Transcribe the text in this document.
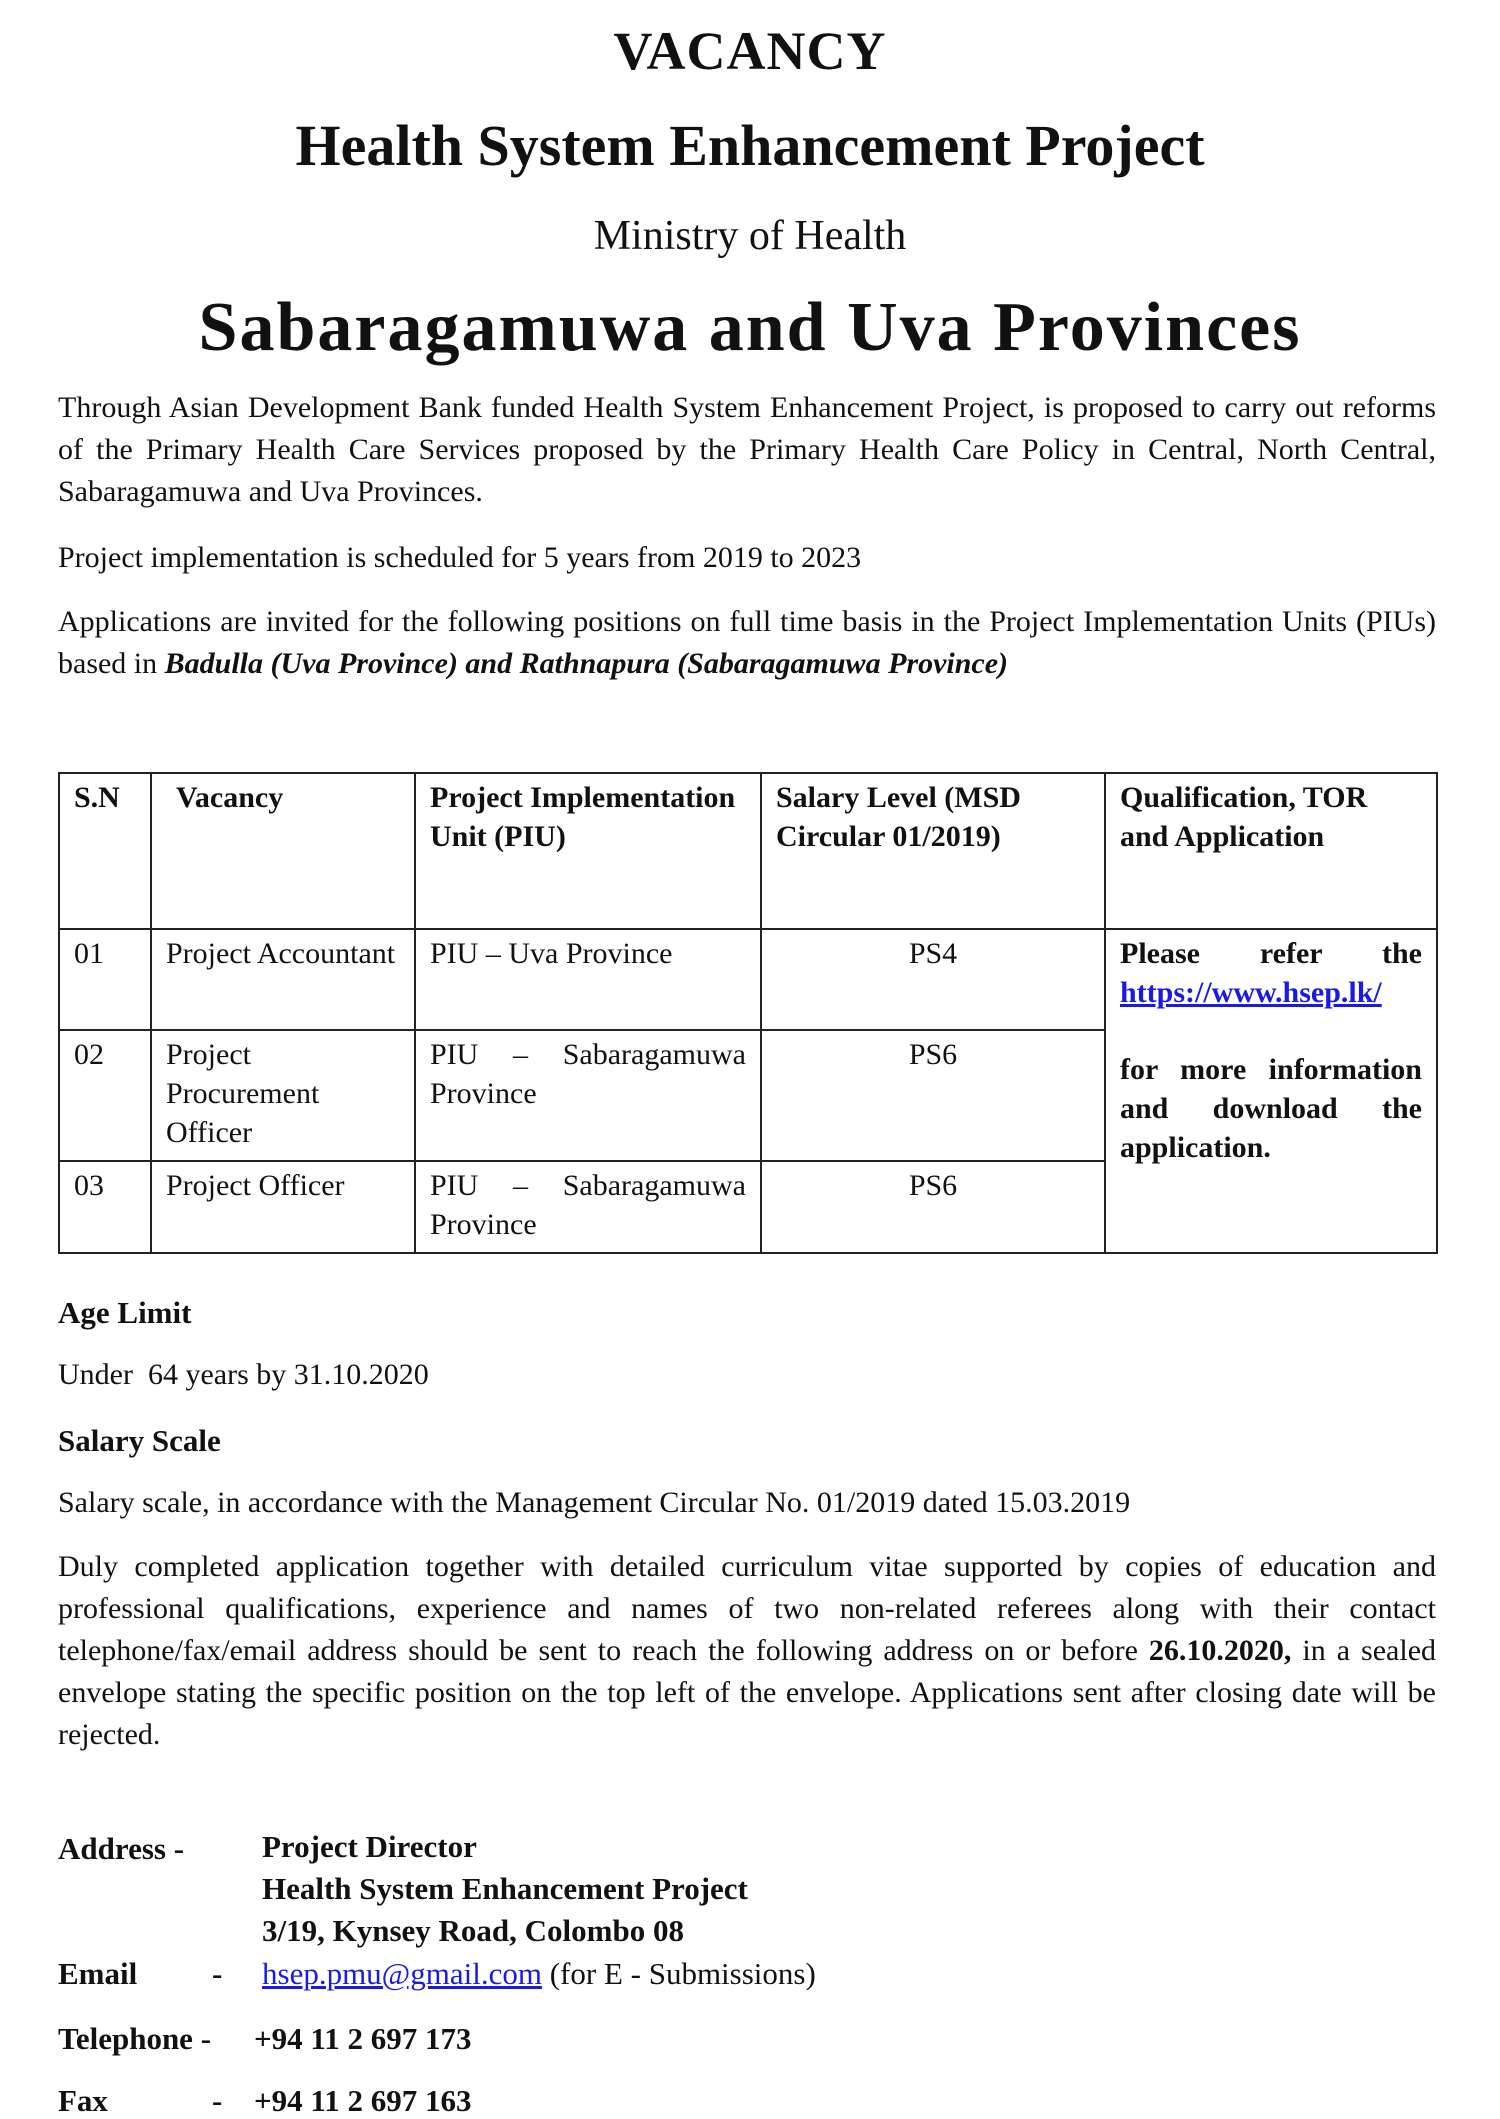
VACANCY
Health System Enhancement Project
Ministry of Health
Sabaragamuwa and Uva Provinces

Through Asian Development Bank funded Health System Enhancement Project, is proposed to carry out reforms of the Primary Health Care Services proposed by the Primary Health Care Policy in Central, North Central, Sabaragamuwa and Uva Provinces.

Project implementation is scheduled for 5 years from 2019 to 2023

Applications are invited for the following positions on full time basis in the Project Implementation Units (PIUs) based in Badulla (Uva Province) and Rathnapura (Sabaragamuwa Province)

S.N	Vacancy	Project Implementation Unit (PIU)	Salary Level (MSD Circular 01/2019)	Qualification, TOR and Application
01	Project Accountant	PIU – Uva Province	PS4	Please refer the
https://www.hsep.lk/
for more information and download the application.

02	Project Procurement Officer	PIU – Sabaragamuwa Province	PS6	
03	Project Officer	PIU – Sabaragamuwa Province	PS6	

Age Limit

Under  64 years by 31.10.2020

Salary Scale

Salary scale, in accordance with the Management Circular No. 01/2019 dated 15.03.2019

Duly completed application together with detailed curriculum vitae supported by copies of education and professional qualifications, experience and names of two non-related referees along with their contact telephone/fax/email address should be sent to reach the following address on or before 26.10.2020, in a sealed envelope stating the specific position on the top left of the envelope. Applications sent after closing date will be rejected.

Address -	Project Director
Health System Enhancement Project
3/19, Kynsey Road, Colombo 08

Email - hsep.pmu@gmail.com (for E - Submissions)

Telephone - +94 11 2 697 173

Fax	- +94 11 2 697 163
